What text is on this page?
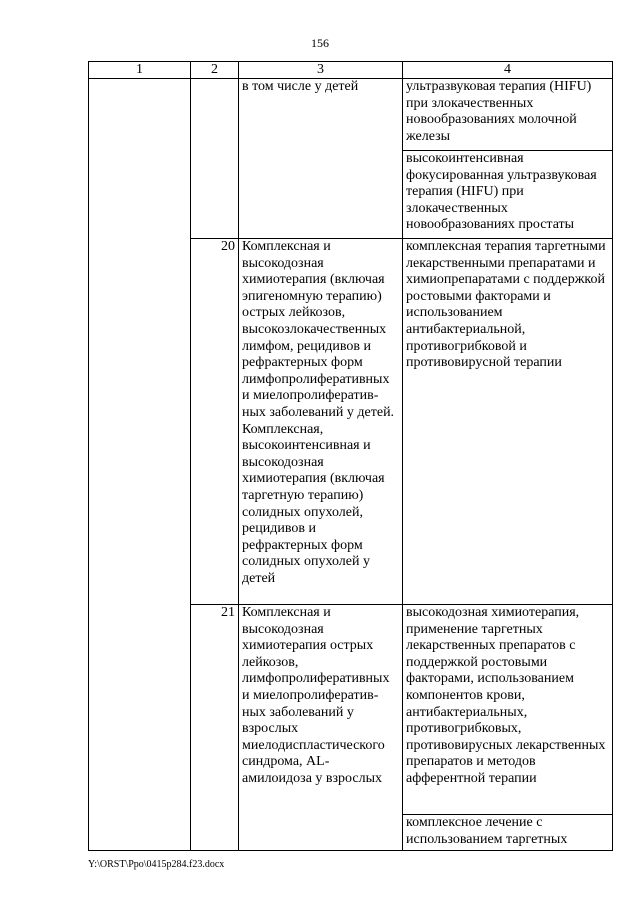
156
1	2	3	4
		в том числе у детей	ультразвуковая терапия (HIFU) при злокачественных новообразованиях молочной железы
			высокоинтенсивная фокусированная ультразвуковая терапия (HIFU) при злокачественных новообразованиях простаты
	20	Комплексная и высокодозная химиотерапия (включая эпигеномную терапию) острых лейкозов, высокозлокачественных лимфом, рецидивов и рефрактерных форм лимфопролиферативных и миелопролифератив-ных заболеваний у детей. Комплексная, высокоинтенсивная и высокодозная химиотерапия (включая таргетную терапию) солидных опухолей, рецидивов и рефрактерных форм солидных опухолей у детей	комплексная терапия таргетными лекарственными препаратами и химиопрепаратами с поддержкой ростовыми факторами и использованием антибактериальной, противогрибковой и противовирусной терапии
	21	Комплексная и высокодозная химиотерапия острых лейкозов, лимфопролиферативных и миелопролифератив-ных заболеваний у взрослых миелодиспластического синдрома, AL-амилоидоза у взрослых	высокодозная химиотерапия, применение таргетных лекарственных препаратов с поддержкой ростовыми факторами, использованием компонентов крови, антибактериальных, противогрибковых, противовирусных лекарственных препаратов и методов афферентной терапии
			комплексное лечение с использованием таргетных
Y:\ORST\Ppo\0415p284.f23.docx
